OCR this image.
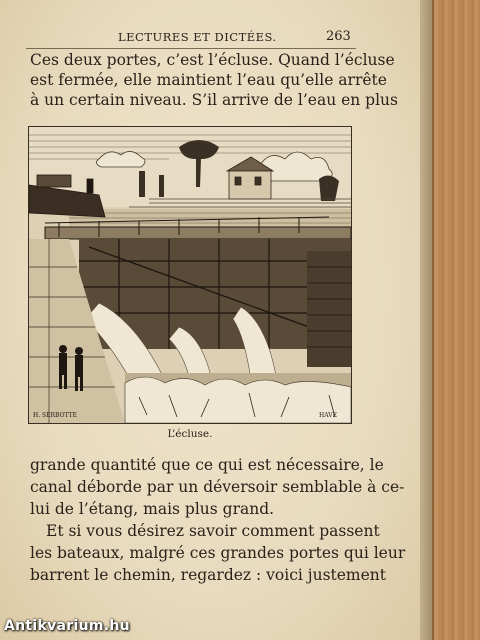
LECTURES ET DICTÉES.	263
Ces deux portes, c’est l’écluse. Quand l’écluse
est fermée, elle maintient l’eau qu’elle arrête
à un certain niveau. S’il arrive de l’eau en plus
H. SERBOTTE	HAVE
L’écluse.
grande quantité que ce qui est nécessaire, le
canal déborde par un déversoir semblable à ce-
lui de l’étang, mais plus grand.
Et si vous désirez savoir comment passent
les bateaux, malgré ces grandes portes qui leur
barrent le chemin, regardez : voici justement
Antikvarium.hu
